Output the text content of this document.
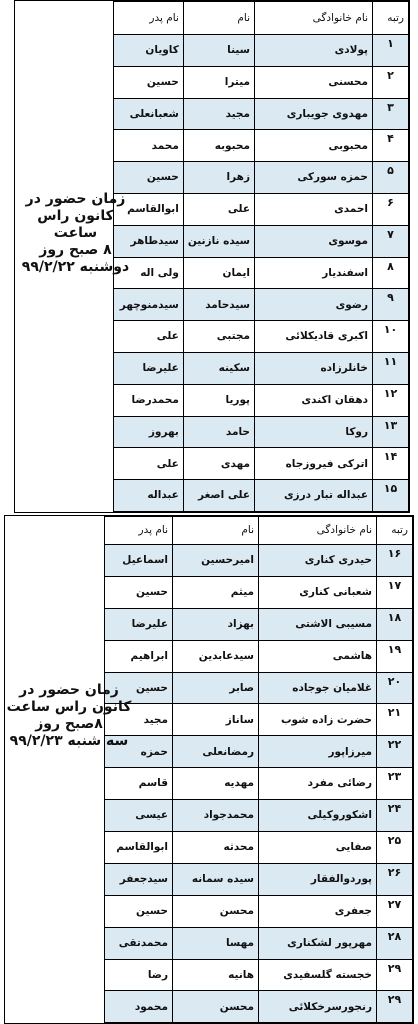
رتبه	نام خانوادگی	نام	نام پدر
۱	پولادی	سینا	کاویان
۲	محسنی	میترا	حسین
۳	مهدوی جویباری	مجید	شعبانعلی
۴	محبوبی	محبوبه	محمد
۵	حمزه سورکی	زهرا	حسین
۶	احمدی	علی	ابوالقاسم
۷	موسوی	سیده نازنین	سیدطاهر
۸	اسفندیار	ایمان	ولی اله
۹	رضوی	سیدحامد	سیدمنوچهر
۱۰	اکبری قادیکلائی	مجتبی	علی
۱۱	خانلرزاده	سکینه	علیرضا
۱۲	دهقان اکندی	پوریا	محمدرضا
۱۳	روکا	حامد	بهروز
۱۴	اترکی فیروزجاه	مهدی	علی
۱۵	عبداله تبار درزی	علی اصغر	عبداله
زمان حضور در
کانون راس ساعت
۸ صبح روز
دوشنبه ۹۹/۲/۲۲
رتبه	نام خانوادگی	نام	نام پدر
۱۶	حیدری کناری	امیرحسین	اسماعیل
۱۷	شعبانی کناری	میثم	حسین
۱۸	مسیبی الاشتی	بهزاد	علیرضا
۱۹	هاشمی	سیدعابدین	ابراهیم
۲۰	غلامیان جوجاده	صابر	حسین
۲۱	حضرت زاده شوب	ساناز	مجید
۲۲	میرزاپور	رمضانعلی	حمزه
۲۳	رضائی مفرد	مهدیه	قاسم
۲۴	اشکوروکیلی	محمدجواد	عیسی
۲۵	صفایی	محدثه	ابوالقاسم
۲۶	پوردوالفقار	سیده سمانه	سیدجعفر
۲۷	جعفری	محسن	حسین
۲۸	مهرپور لشکناری	مهسا	محمدتقی
۲۹	خجسته گلسفیدی	هانیه	رضا
۲۹	رنجورسرخکلائی	محسن	محمود
زمان حضور در
کانون راس ساعت
۸صبح روز
سه شنبه ۹۹/۲/۲۳
